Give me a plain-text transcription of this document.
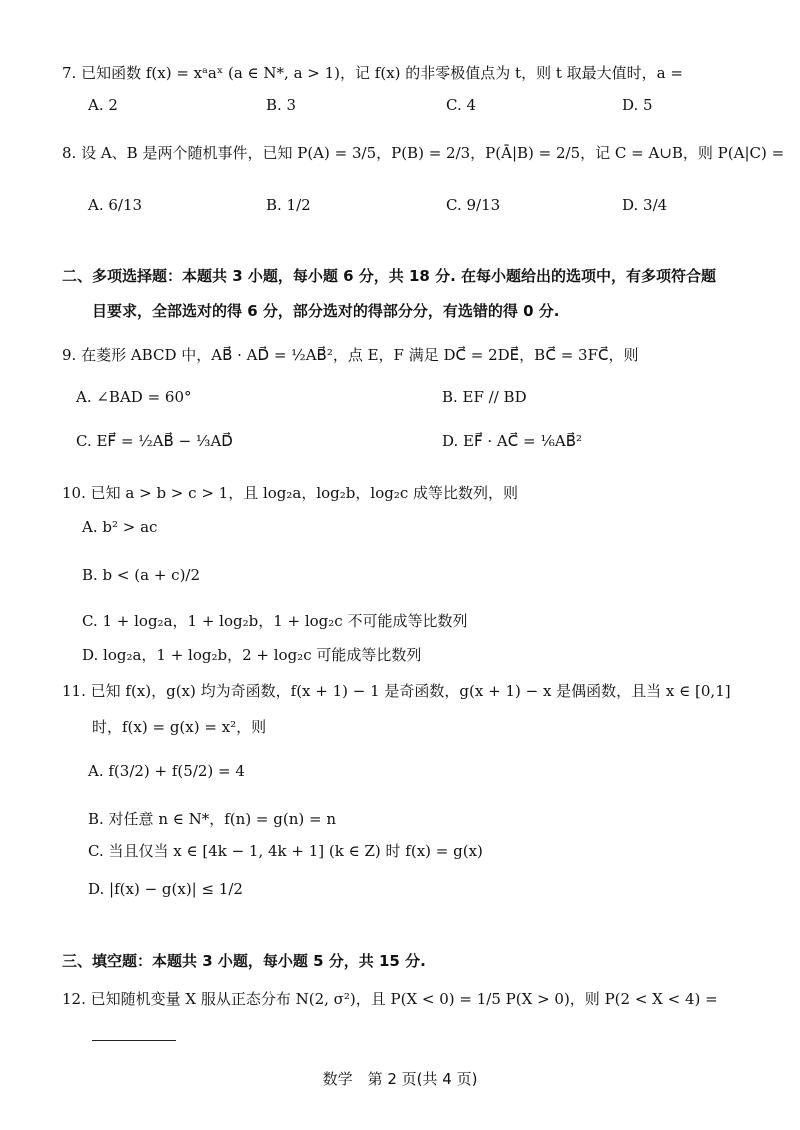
7. 已知函数 f(x) = xᵃaˣ (a ∈ N*, a > 1)，记 f(x) 的非零极值点为 t，则 t 取最大值时，a =
A. 2	B. 3	C. 4	D. 5
8. 设 A、B 是两个随机事件，已知 P(A) = 3/5，P(B) = 2/3，P(Ā|B) = 2/5，记 C = A∪B，则 P(A|C) =
A. 6/13	B. 1/2	C. 9/13	D. 3/4
二、多项选择题：本题共 3 小题，每小题 6 分，共 18 分. 在每小题给出的选项中，有多项符合题
目要求，全部选对的得 6 分，部分选对的得部分分，有选错的得 0 分.
9. 在菱形 ABCD 中，AB⃗ · AD⃗ = ½AB⃗²，点 E，F 满足 DC⃗ = 2DE⃗，BC⃗ = 3FC⃗，则
A. ∠BAD = 60°	B. EF // BD
C. EF⃗ = ½AB⃗ − ⅓AD⃗	D. EF⃗ · AC⃗ = ⅙AB⃗²
10. 已知 a > b > c > 1，且 log₂a，log₂b，log₂c 成等比数列，则
A. b² > ac
B. b < (a + c)/2
C. 1 + log₂a，1 + log₂b，1 + log₂c 不可能成等比数列
D. log₂a，1 + log₂b，2 + log₂c 可能成等比数列
11. 已知 f(x)，g(x) 均为奇函数，f(x + 1) − 1 是奇函数，g(x + 1) − x 是偶函数，且当 x ∈ [0,1]
时，f(x) = g(x) = x²，则
A. f(3/2) + f(5/2) = 4
B. 对任意 n ∈ N*，f(n) = g(n) = n
C. 当且仅当 x ∈ [4k − 1, 4k + 1] (k ∈ Z) 时 f(x) = g(x)
D. |f(x) − g(x)| ≤ 1/2
三、填空题：本题共 3 小题，每小题 5 分，共 15 分.
12. 已知随机变量 X 服从正态分布 N(2, σ²)，且 P(X < 0) = 1/5 P(X > 0)，则 P(2 < X < 4) =
数学　第 2 页(共 4 页)
